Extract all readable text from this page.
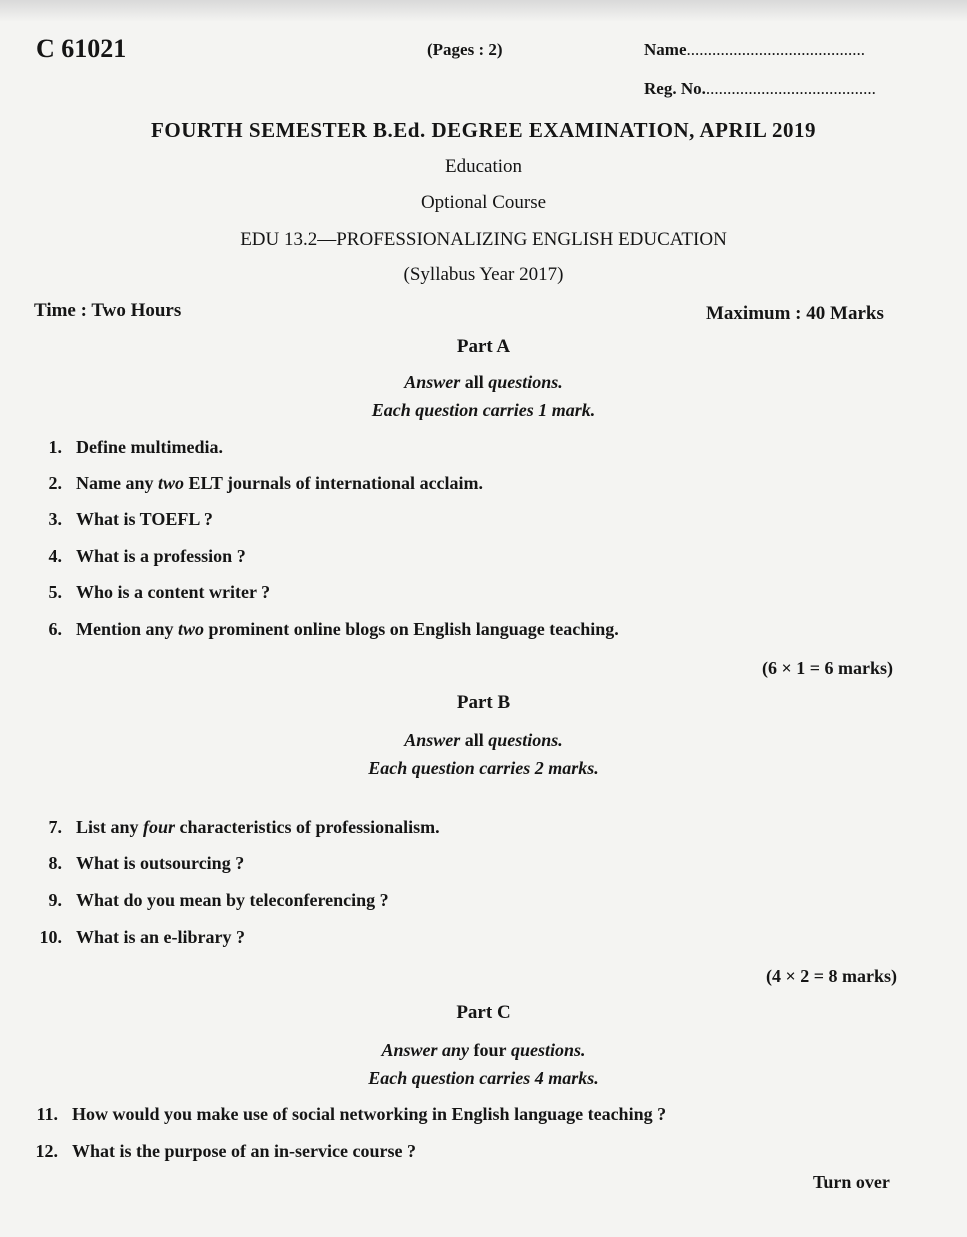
C 61021	(Pages : 2)	Name..........................................
Reg. No.........................................
FOURTH SEMESTER B.Ed. DEGREE EXAMINATION, APRIL 2019
Education
Optional Course
EDU 13.2—PROFESSIONALIZING ENGLISH EDUCATION
(Syllabus Year 2017)
Time : Two Hours	Maximum : 40 Marks
Part A
Answer all questions.
Each question carries 1 mark.
1. Define multimedia.
2. Name any two ELT journals of international acclaim.
3. What is TOEFL ?
4. What is a profession ?
5. Who is a content writer ?
6. Mention any two prominent online blogs on English language teaching.
(6 × 1 = 6 marks)
Part B
Answer all questions.
Each question carries 2 marks.
7. List any four characteristics of professionalism.
8. What is outsourcing ?
9. What do you mean by teleconferencing ?
10. What is an e-library ?
(4 × 2 = 8 marks)
Part C
Answer any four questions.
Each question carries 4 marks.
11. How would you make use of social networking in English language teaching ?
12. What is the purpose of an in-service course ?
Turn over
